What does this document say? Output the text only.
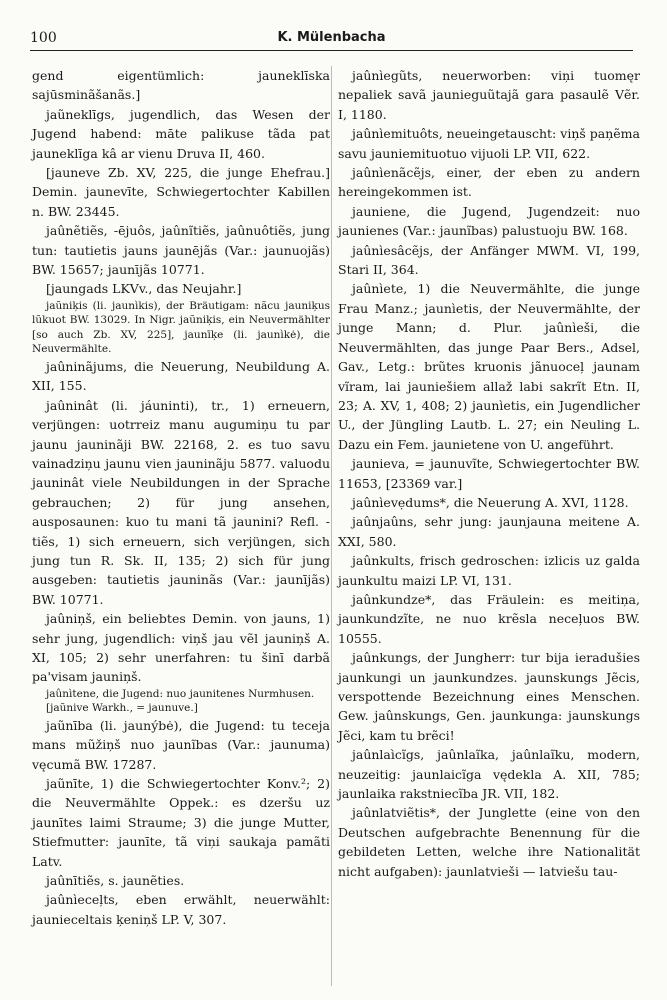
100	K. Mülenbacha

gend eigentümlich: jauneklīska sajūsminãšanãs.]

jaũneklīgs, jugendlich, das Wesen der Jugend habend: māte palikuse tãda pat jauneklīga kâ ar vienu Druva II, 460.

[jauneve Zb. XV, 225, die junge Ehefrau.] Demin. jaunevīte, Schwiegertochter Kabillen n. BW. 23445.

jaûnẽtiẽs, -ējuôs, jaûnĩtiẽs, jaûnuôtiẽs, jung tun: tautietis jauns jaunējãs (Var.: jaunuojãs) BW. 15657; jaunījãs 10771.

[jaungads LKVv., das Neujahr.]

jaũniķis (li. jaunìkis), der Bräutigam: nãcu jauniķus lũkuot BW. 13029. In Nigr. jaũniķis, ein Neuvermählter [so auch Zb. XV, 225], jaunīķe (li. jaunìkė), die Neuvermählte.

jaûninãjums, die Neuerung, Neubildung A. XII, 155.

jaûninât (li. jáuninti), tr., 1) erneuern, verjüngen: uotrreiz manu augumiņu tu par jaunu jauninãji BW. 22168, 2. es tuo savu vainadziņu jaunu vien jauninãju 5877. valuodu jauninât viele Neubildungen in der Sprache gebrauchen; 2) für jung ansehen, ausposaunen: kuo tu mani tã jaunini? Refl. -tiẽs, 1) sich erneuern, sich verjüngen, sich jung tun R. Sk. II, 135; 2) sich für jung ausgeben: tautietis jauninãs (Var.: jaunījãs) BW. 10771.

jaûniņš, ein beliebtes Demin. von jauns, 1) sehr jung, jugendlich: viņš jau vẽl jauniņš A. XI, 105; 2) sehr unerfahren: tu šinī darbã pa'visam jauniņš.

jaûnìtene, die Jugend: nuo jaunitenes Nurmhusen.

[jaũnive Warkh., = jaunuve.]

jaũnība (li. jaunýbė), die Jugend: tu teceja mans mũžiņš nuo jaunĩbas (Var.: jaunuma) vęcumã BW. 17287.

jaũnīte, 1) die Schwiegertochter Konv.²; 2) die Neuvermählte Oppek.: es dzeršu uz jaunītes laimi Straume; 3) die junge Mutter, Stiefmutter: jaunīte, tã viņi saukaja pamãti Latv.

jaûnītiẽs, s. jaunẽties.

jaûnìeceļts, eben erwählt, neuerwählt: jaunieceltais ķeniņš LP. V, 307.

jaûnìegũts, neuerworben: viņi tuomęr nepaliek savã jaunieguũtajã gara pasaulẽ Vẽr. I, 1180.

jaûnìemituôts, neueingetauscht: viņš paņẽma savu jauniemituotuo vijuoli LP. VII, 622.

jaûnìenãcẽjs, einer, der eben zu andern hereingekommen ist.

jauniene, die Jugend, Jugendzeit: nuo jaunienes (Var.: jaunĩbas) palustuoju BW. 168.

jaûnìesâcẽjs, der Anfänger MWM. VI, 199, Stari II, 364.

jaûnìete, 1) die Neuvermählte, die junge Frau Manz.; jaunìetis, der Neuvermählte, der junge Mann; d. Plur. jaûnìeši, die Neuvermählten, das junge Paar Bers., Adsel, Gav., Letg.: brũtes kruonis jãnuoceļ jaunam vĩram, lai jauniešiem allaž labi sakrĩt Etn. II, 23; A. XV, 1, 408; 2) jaunìetis, ein Jugendlicher U., der Jüngling Lautb. L. 27; ein Neuling L. Dazu ein Fem. jaunietene von U. angeführt.

jaunieva, = jaunuvĩte, Schwiegertochter BW. 11653, [23369 var.]

jaûnìevẹdums*, die Neuerung A. XVI, 1128.

jaûnjaûns, sehr jung: jaunjauna meitene A. XXI, 580.

jaûnkults, frisch gedroschen: izlicis uz galda jaunkultu maizi LP. VI, 131.

jaûnkundze*, das Fräulein: es meitiņa, jaunkundzĩte, ne nuo krẽsla neceļuos BW. 10555.

jaûnkungs, der Jungherr: tur bija ieradušies jaunkungi un jaunkundzes. jaunskungs Jẽcis, verspottende Bezeichnung eines Menschen. Gew. jaûnskungs, Gen. jaunkunga: jaunskungs Jẽci, kam tu brẽci!

jaûnlaìcĩgs, jaûnlaĩka, jaûnlaĩku, modern, neuzeitig: jaunlaicĩga vędekla A. XII, 785; jaunlaika rakstniecĩba JR. VII, 182.

jaûnlatviẽtis*, der Junglette (eine von den Deutschen aufgebrachte Benennung für die gebildeten Letten, welche ihre Nationalität nicht aufgaben): jaunlatvieši — latviešu tau-
